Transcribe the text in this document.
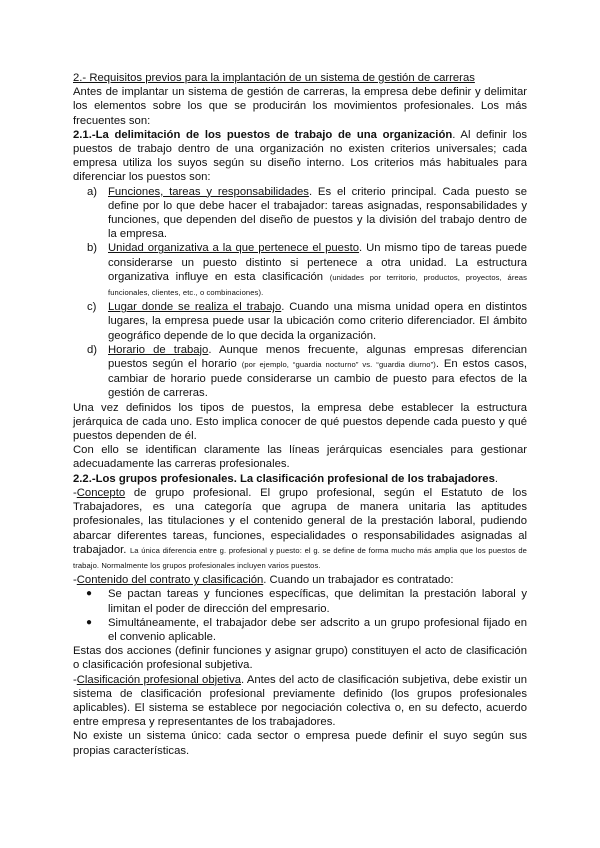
2.- Requisitos previos para la implantación de un sistema de gestión de carreras

Antes de implantar un sistema de gestión de carreras, la empresa debe definir y delimitar los elementos sobre los que se producirán los movimientos profesionales. Los más frecuentes son:

2.1.-La delimitación de los puestos de trabajo de una organización. Al definir los puestos de trabajo dentro de una organización no existen criterios universales; cada empresa utiliza los suyos según su diseño interno. Los criterios más habituales para diferenciar los puestos son:

a) Funciones, tareas y responsabilidades. Es el criterio principal. Cada puesto se define por lo que debe hacer el trabajador: tareas asignadas, responsabilidades y funciones, que dependen del diseño de puestos y la división del trabajo dentro de la empresa.
b) Unidad organizativa a la que pertenece el puesto. Un mismo tipo de tareas puede considerarse un puesto distinto si pertenece a otra unidad. La estructura organizativa influye en esta clasificación (unidades por territorio, productos, proyectos, áreas funcionales, clientes, etc., o combinaciones).
c)	Lugar donde se realiza el trabajo. Cuando una misma unidad opera en distintos lugares, la empresa puede usar la ubicación como criterio diferenciador. El ámbito geográfico depende de lo que decida la organización.
d) Horario de trabajo. Aunque menos frecuente, algunas empresas diferencian puestos según el horario (por ejemplo, “guardia nocturno” vs. “guardia diurno”). En estos casos, cambiar de horario puede considerarse un cambio de puesto para efectos de la gestión de carreras.

Una vez definidos los tipos de puestos, la empresa debe establecer la estructura jerárquica de cada uno. Esto implica conocer de qué puestos depende cada puesto y qué puestos dependen de él.

Con ello se identifican claramente las líneas jerárquicas esenciales para gestionar adecuadamente las carreras profesionales.

2.2.-Los grupos profesionales. La clasificación profesional de los trabajadores.

-Concepto de grupo profesional. El grupo profesional, según el Estatuto de los Trabajadores, es una categoría que agrupa de manera unitaria las aptitudes profesionales, las titulaciones y el contenido general de la prestación laboral, pudiendo abarcar diferentes tareas, funciones, especialidades o responsabilidades asignadas al trabajador. La única diferencia entre g. profesional y puesto: el g. se define de forma mucho más amplia que los puestos de trabajo. Normalmente los grupos profesionales incluyen varios puestos.

-Contenido del contrato y clasificación. Cuando un trabajador es contratado:

●	Se pactan tareas y funciones específicas, que delimitan la prestación laboral y limitan el poder de dirección del empresario.
●	Simultáneamente, el trabajador debe ser adscrito a un grupo profesional fijado en el convenio aplicable.

Estas dos acciones (definir funciones y asignar grupo) constituyen el acto de clasificación o clasificación profesional subjetiva.

-Clasificación profesional objetiva. Antes del acto de clasificación subjetiva, debe existir un sistema de clasificación profesional previamente definido (los grupos profesionales aplicables). El sistema se establece por negociación colectiva o, en su defecto, acuerdo entre empresa y representantes de los trabajadores.

No existe un sistema único: cada sector o empresa puede definir el suyo según sus propias características.
